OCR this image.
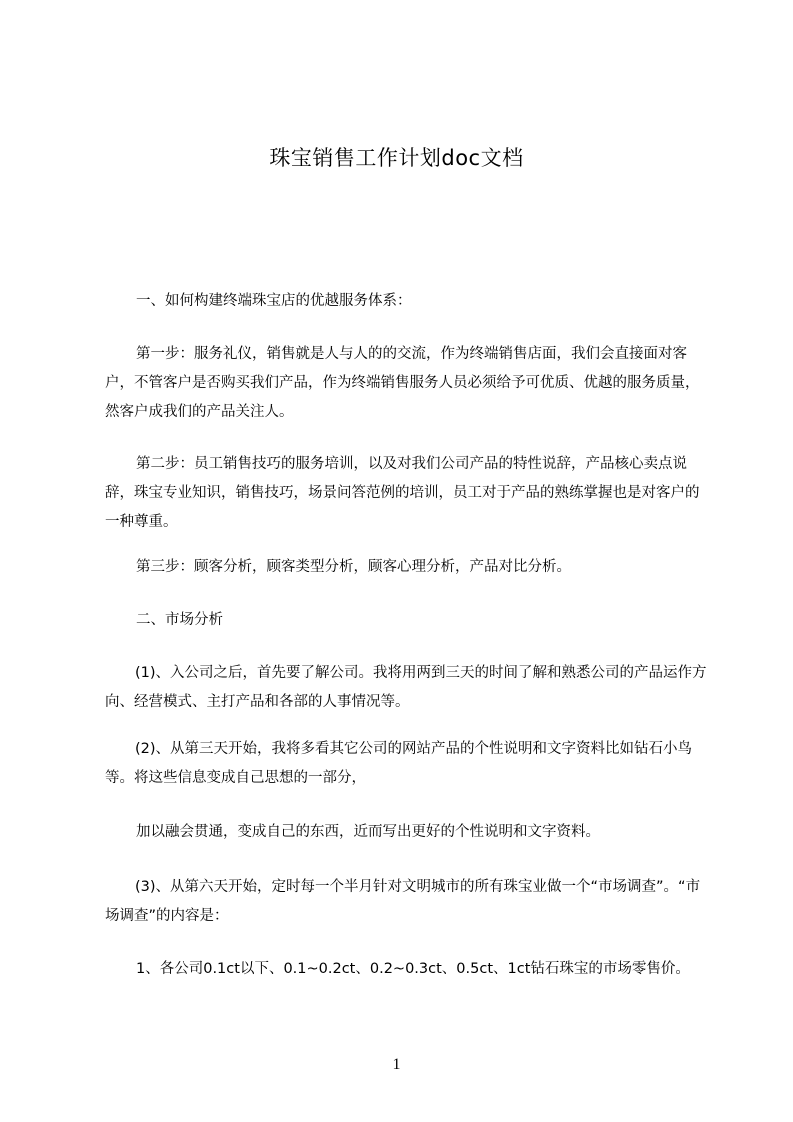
珠宝销售工作计划doc文档
一、如何构建终端珠宝店的优越服务体系：
第一步：服务礼仪，销售就是人与人的的交流，作为终端销售店面，我们会直接面对客户，不管客户是否购买我们产品，作为终端销售服务人员必须给予可优质、优越的服务质量，然客户成我们的产品关注人。
第二步：员工销售技巧的服务培训，以及对我们公司产品的特性说辞，产品核心卖点说辞，珠宝专业知识，销售技巧，场景问答范例的培训，员工对于产品的熟练掌握也是对客户的一种尊重。
第三步：顾客分析，顾客类型分析，顾客心理分析，产品对比分析。
二、市场分析
(1)、入公司之后，首先要了解公司。我将用两到三天的时间了解和熟悉公司的产品运作方向、经营模式、主打产品和各部的人事情况等。
(2)、从第三天开始，我将多看其它公司的网站产品的个性说明和文字资料比如钻石小鸟等。将这些信息变成自己思想的一部分，
加以融会贯通，变成自己的东西，近而写出更好的个性说明和文字资料。
(3)、从第六天开始，定时每一个半月针对文明城市的所有珠宝业做一个“市场调查”。“市场调查”的内容是：
1、各公司0.1ct以下、0.1~0.2ct、0.2~0.3ct、0.5ct、1ct钻石珠宝的市场零售价。
1
